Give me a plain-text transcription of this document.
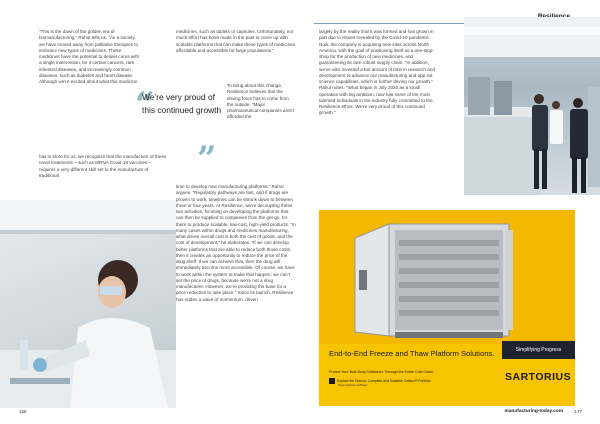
“This is the dawn of the golden era of biomanufacturing,” Rahul tells us. “As a society, we have moved away from palliative therapies to embrace new types of medicines. These medicines have the potential to deliver cures with a single intervention, be it certain cancers, rare inherited diseases, and increasingly common diseases, such as diabetes and heart disease. Although we’re excited about what this medicine

has in store for us, we recognize that the manufacture of these novel treatments – such as MRNA Covid-19 vaccines – requires a very different skill set to the manufacture of traditional

“
We’re very proud of this continued growth
”

medicines, such as tablets or capsules. Unfortunately, not much effort has been made in the past to come up with scalable platforms that can make these types of medicines affordable and accessible for large populations.”

To bring about this change, Resilience believes that the driving force has to come from the outside. “Major pharmaceutical companies aren’t afforded the

time to develop new manufacturing platforms,” Rahul argues. “Regulatory pathways are fast, and if drugs are proven to work, timelines can be shrunk down to between three or four years. At Resilience, we’re decoupling these two activities, focusing on developing the platforms that can then be supplied to companies from the get-go, for them to produce scalable, low-cost, high-yield products. “In many cases within drugs and medicines manufacturing, what drives overall cost is both the cost of goods, and the cost of development,” he elaborates. “If we can develop better platforms that are able to reduce both those costs, then it creates an opportunity to reduce the price of the drug itself. If we can achieve that, then the drug will immediately become more accessible. Of course, we have to work within the system to make that happen; we can’t set the price of drugs, because we’re not a drug manufacturer. However, we’re providing the base for a price reduction to take place.” Since its launch, Resilience has ridden a wave of momentum, driven

largely by the reality that it was formed and has grown in part due to issues revealed by the Covid-19 pandemic. Now, the company is acquiring new sites across North America, with the goal of positioning itself as a one-stop-shop for the production of new medicines, and guaranteeing its own robust supply chain. “In addition, we’ve also invested a fair amount of time in research and development to advance our manufacturing and app sol science capabilities, which is further driving our growth,” Rahul notes. “What began in July 2020 as a small operation with big ambition, now has some of the most talented individuals in the industry fully committed to the Resilience ethos. We’re very proud of this continued growth.”

End-to-End Freeze and Thaw Platform Solutions.
Protect Your Bulk Drug Substance Through the Entire Cold Chain.
Explore the Robust, Complete and Scalable Celsius® Portfolio
https://sartori.us/ffhaw
Simplifying Progress
SARTORIUS
126	manufacturing-today.com	177
